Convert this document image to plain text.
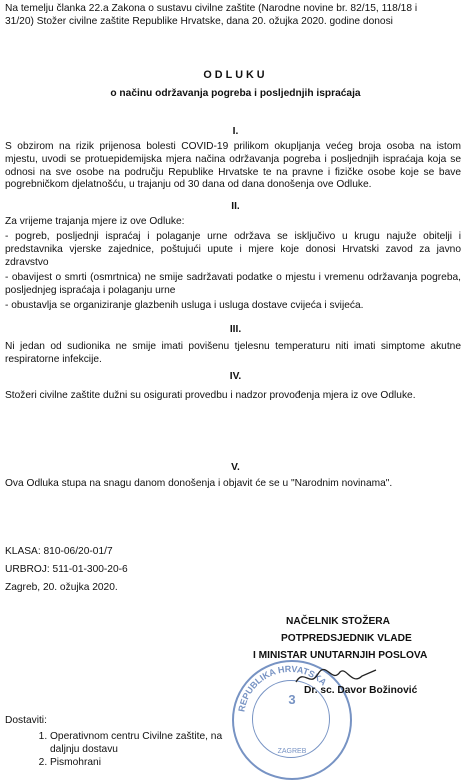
Na temelju članka 22.a Zakona o sustavu civilne zaštite (Narodne novine br. 82/15, 118/18 i 31/20) Stožer civilne zaštite Republike Hrvatske, dana 20. ožujka 2020. godine donosi

ODLUKU
o načinu održavanja pogreba i posljednjih ispraćaja
I.

S obzirom na rizik prijenosa bolesti COVID-19 prilikom okupljanja većeg broja osoba na istom mjestu, uvodi se protuepidemijska mjera načina održavanja pogreba i posljednjih ispraćaja koja se odnosi na sve osobe na području Republike Hrvatske te na pravne i fizičke osobe koje se bave pogrebničkom djelatnošću, u trajanju od 30 dana od dana donošenja ove Odluke.

II.

Za vrijeme trajanja mjere iz ove Odluke:

- pogreb, posljednji ispraćaj i polaganje urne održava se isključivo u krugu najuže obitelji i predstavnika vjerske zajednice, poštujući upute i mjere koje donosi Hrvatski zavod za javno zdravstvo

- obavijest o smrti (osmrtnica) ne smije sadržavati podatke o mjestu i vremenu održavanja pogreba, posljednjeg ispraćaja i polaganju urne

- obustavlja se organiziranje glazbenih usluga i usluga dostave cvijeća i svijeća.

III.

Ni jedan od sudionika ne smije imati povišenu tjelesnu temperaturu niti imati simptome akutne respiratorne infekcije.

IV.

Stožeri civilne zaštite dužni su osigurati provedbu i nadzor provođenja mjera iz ove Odluke.

V.

Ova Odluka stupa na snagu danom donošenja i objavit će se u "Narodnim novinama".

KLASA: 810-06/20-01/7
URBROJ: 511-01-300-20-6
Zagreb, 20. ožujka 2020.
REPUBLIKA HRVATSKA
3
ZAGREB
NAČELNIK STOŽERA
POTPREDSJEDNIK VLADE
I MINISTAR UNUTARNJIH POSLOVA
Dr. sc. Davor Božinović
Dostaviti:
1. Operativnom centru Civilne zaštite, na daljnju dostavu
2. Pismohrani
